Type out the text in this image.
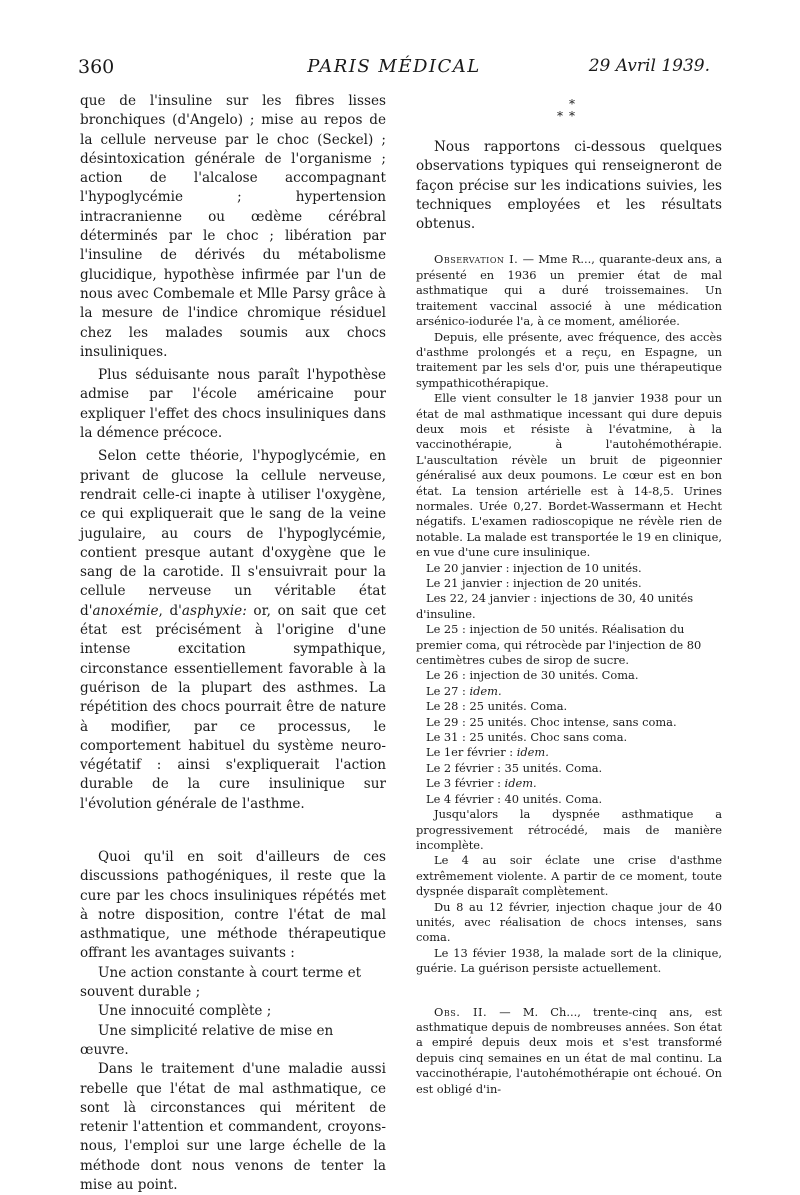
360	PARIS MÉDICAL	29 Avril 1939.

que de l'insuline sur les fibres lisses bronchiques (d'Angelo) ; mise au repos de la cellule nerveuse par le choc (Seckel) ; désintoxication générale de l'organisme ; action de l'alcalose accompagnant l'hypoglycémie ; hypertension intracranienne ou œdème cérébral déterminés par le choc ; libération par l'insuline de dérivés du métabolisme glucidique, hypothèse infirmée par l'un de nous avec Combemale et Mlle Parsy grâce à la mesure de l'indice chromique résiduel chez les malades soumis aux chocs insuliniques.

Plus séduisante nous paraît l'hypothèse admise par l'école américaine pour expliquer l'effet des chocs insuliniques dans la démence précoce.

Selon cette théorie, l'hypoglycémie, en privant de glucose la cellule nerveuse, rendrait celle-ci inapte à utiliser l'oxygène, ce qui expliquerait que le sang de la veine jugulaire, au cours de l'hypoglycémie, contient presque autant d'oxygène que le sang de la carotide. Il s'ensuivrait pour la cellule nerveuse un véritable état d'anoxémie, d'asphyxie: or, on sait que cet état est précisément à l'origine d'une intense excitation sympathique, circonstance essentiellement favorable à la guérison de la plupart des asthmes. La répétition des chocs pourrait être de nature à modifier, par ce processus, le comportement habituel du système neuro-végétatif : ainsi s'expliquerait l'action durable de la cure insulinique sur l'évolution générale de l'asthme.

Quoi qu'il en soit d'ailleurs de ces discussions pathogéniques, il reste que la cure par les chocs insuliniques répétés met à notre disposition, contre l'état de mal asthmatique, une méthode thérapeutique offrant les avantages suivants :

Une action constante à court terme et souvent durable ;

Une innocuité complète ;

Une simplicité relative de mise en œuvre.

Dans le traitement d'une maladie aussi rebelle que l'état de mal asthmatique, ce sont là circonstances qui méritent de retenir l'attention et commandent, croyons-nous, l'emploi sur une large échelle de la méthode dont nous venons de tenter la mise au point.

*
**

Nous rapportons ci-dessous quelques observations typiques qui renseigneront de façon précise sur les indications suivies, les techniques employées et les résultats obtenus.

Observation I. — Mme R..., quarante-deux ans, a présenté en 1936 un premier état de mal asthmatique qui a duré troissemaines. Un traitement vaccinal associé à une médication arsénico-iodurée l'a, à ce moment, améliorée.

Depuis, elle présente, avec fréquence, des accès d'asthme prolongés et a reçu, en Espagne, un traitement par les sels d'or, puis une thérapeutique sympathicothérapique.

Elle vient consulter le 18 janvier 1938 pour un état de mal asthmatique incessant qui dure depuis deux mois et résiste à l'évatmine, à la vaccinothérapie, à l'autohémothérapie. L'auscultation révèle un bruit de pigeonnier généralisé aux deux poumons. Le cœur est en bon état. La tension artérielle est à 14-8,5. Urines normales. Urée 0,27. Bordet-Wassermann et Hecht négatifs. L'examen radioscopique ne révèle rien de notable. La malade est transportée le 19 en clinique, en vue d'une cure insulinique.

Le 20 janvier : injection de 10 unités.

Le 21 janvier : injection de 20 unités.

Les 22, 24 janvier : injections de 30, 40 unités d'insuline.

Le 25 : injection de 50 unités. Réalisation du premier coma, qui rétrocède par l'injection de 80 centimètres cubes de sirop de sucre.

Le 26 : injection de 30 unités. Coma.

Le 27 : idem.

Le 28 : 25 unités. Coma.

Le 29 : 25 unités. Choc intense, sans coma.

Le 31 : 25 unités. Choc sans coma.

Le 1er février : idem.

Le 2 février : 35 unités. Coma.

Le 3 février : idem.

Le 4 février : 40 unités. Coma.

Jusqu'alors la dyspnée asthmatique a progressivement rétrocédé, mais de manière incomplète.

Le 4 au soir éclate une crise d'asthme extrêmement violente. A partir de ce moment, toute dyspnée disparaît complètement.

Du 8 au 12 février, injection chaque jour de 40 unités, avec réalisation de chocs intenses, sans coma.

Le 13 févier 1938, la malade sort de la clinique, guérie. La guérison persiste actuellement.

Obs. II. — M. Ch..., trente-cinq ans, est asthmatique depuis de nombreuses années. Son état a empiré depuis deux mois et s'est transformé depuis cinq semaines en un état de mal continu. La vaccinothérapie, l'autohémothérapie ont échoué. On est obligé d'in-
